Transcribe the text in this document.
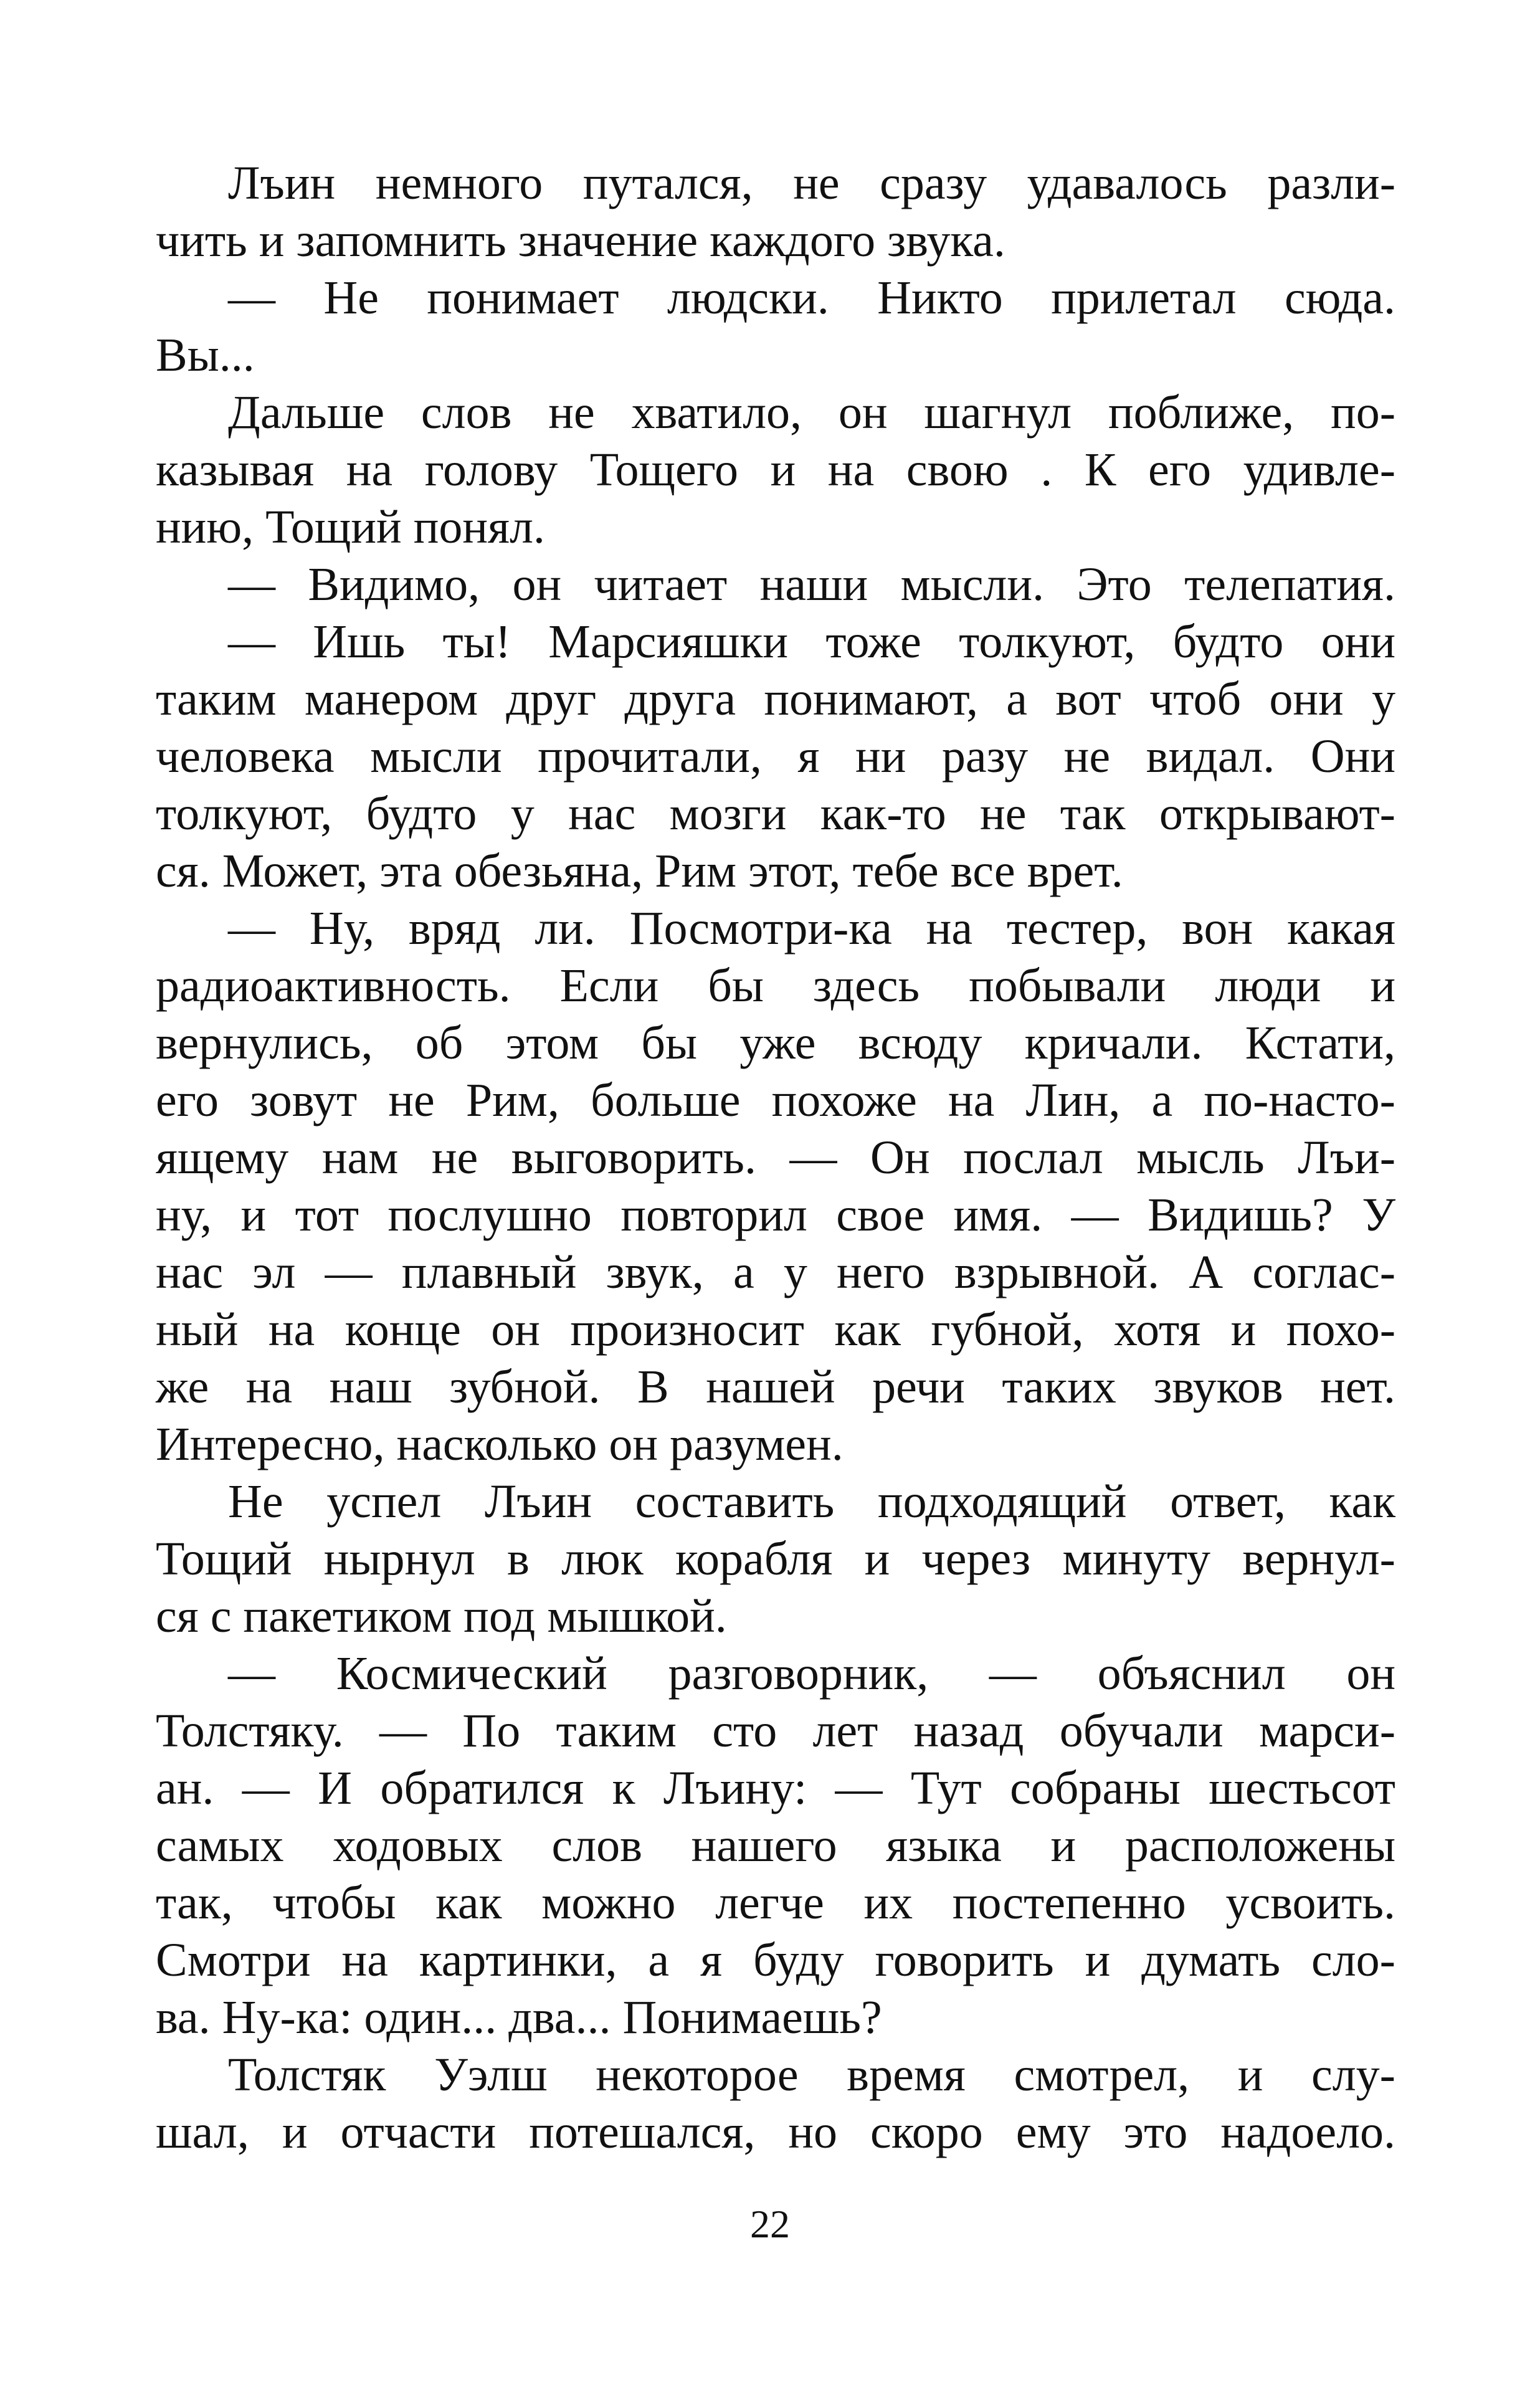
Лъин немного путался, не сразу удавалось разли-
чить и запомнить значение каждого звука.
— Не понимает людски. Никто прилетал сюда.
Вы...
Дальше слов не хватило, он шагнул поближе, по-
казывая на голову Тощего и на свою . К его удивле-
нию, Тощий понял.
— Видимо, он читает наши мысли. Это телепатия.
— Ишь ты! Марсияшки тоже толкуют, будто они
таким манером друг друга понимают, а вот чтоб они у
человека мысли прочитали, я ни разу не видал. Они
толкуют, будто у нас мозги как-то не так открывают-
ся. Может, эта обезьяна, Рим этот, тебе все врет.
— Ну, вряд ли. Посмотри-ка на тестер, вон какая
радиоактивность. Если бы здесь побывали люди и
вернулись, об этом бы уже всюду кричали. Кстати,
его зовут не Рим, больше похоже на Лин, а по-насто-
ящему нам не выговорить. — Он послал мысль Лъи-
ну, и тот послушно повторил свое имя. — Видишь? У
нас эл — плавный звук, а у него взрывной. А соглас-
ный на конце он произносит как губной, хотя и похо-
же на наш зубной. В нашей речи таких звуков нет.
Интересно, насколько он разумен.
Не успел Лъин составить подходящий ответ, как
Тощий нырнул в люк корабля и через минуту вернул-
ся с пакетиком под мышкой.
— Космический разговорник, — объяснил он
Толстяку. — По таким сто лет назад обучали марси-
ан. — И обратился к Лъину: — Тут собраны шестьсот
самых ходовых слов нашего языка и расположены
так, чтобы как можно легче их постепенно усвоить.
Смотри на картинки, а я буду говорить и думать сло-
ва. Ну-ка: один... два... Понимаешь?
Толстяк Уэлш некоторое время смотрел, и слу-
шал, и отчасти потешался, но скоро ему это надоело.
22
